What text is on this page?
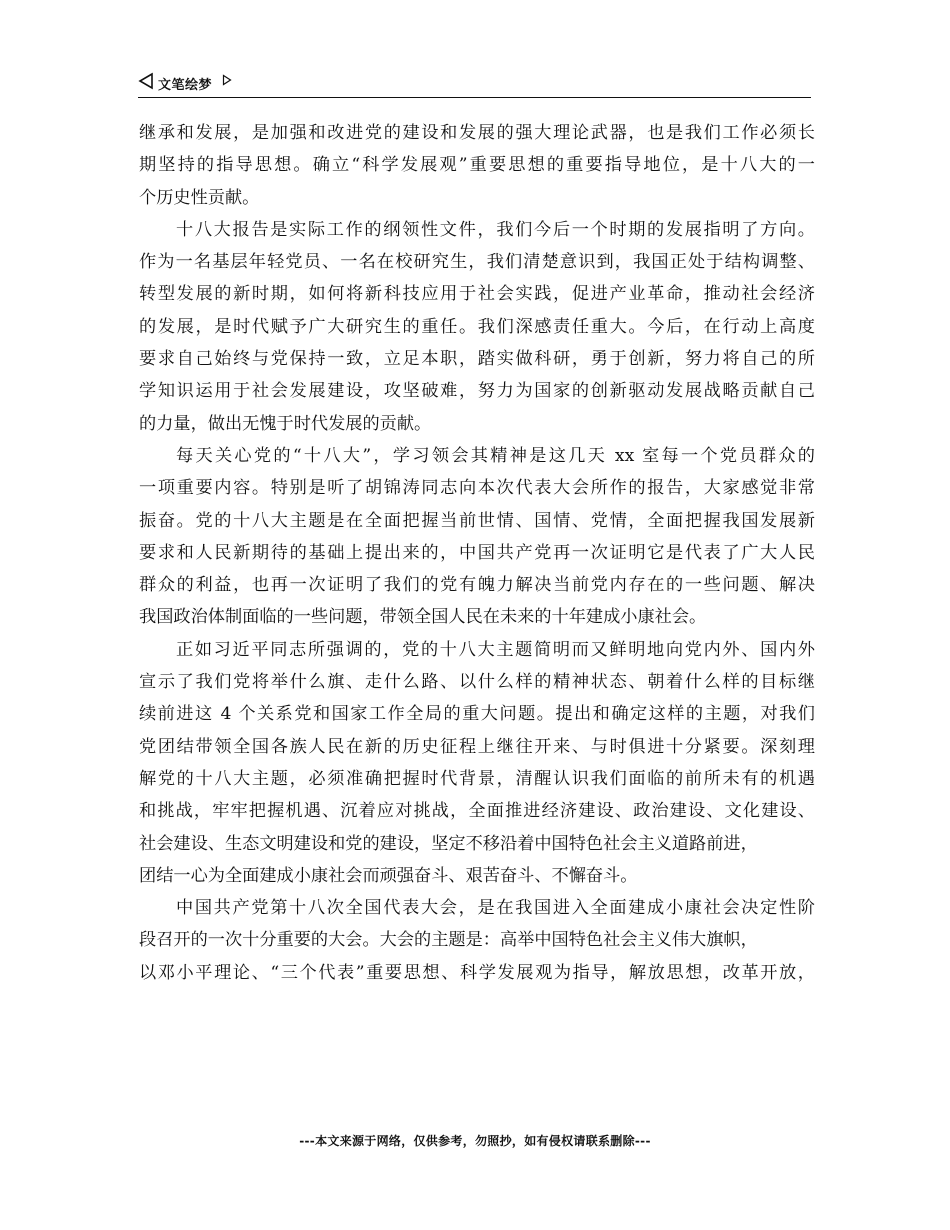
文笔绘梦
继承和发展，是加强和改进党的建设和发展的强大理论武器，也是我们工作必须长
期坚持的指导思想。确立“科学发展观”重要思想的重要指导地位，是十八大的一
个历史性贡献。
十八大报告是实际工作的纲领性文件，我们今后一个时期的发展指明了方向。
作为一名基层年轻党员、一名在校研究生，我们清楚意识到，我国正处于结构调整、
转型发展的新时期，如何将新科技应用于社会实践，促进产业革命，推动社会经济
的发展，是时代赋予广大研究生的重任。我们深感责任重大。今后，在行动上高度
要求自己始终与党保持一致，立足本职，踏实做科研，勇于创新，努力将自己的所
学知识运用于社会发展建设，攻坚破难，努力为国家的创新驱动发展战略贡献自己
的力量，做出无愧于时代发展的贡献。
每天关心党的“十八大”，学习领会其精神是这几天 xx 室每一个党员群众的
一项重要内容。特别是听了胡锦涛同志向本次代表大会所作的报告，大家感觉非常
振奋。党的十八大主题是在全面把握当前世情、国情、党情，全面把握我国发展新
要求和人民新期待的基础上提出来的，中国共产党再一次证明它是代表了广大人民
群众的利益，也再一次证明了我们的党有魄力解决当前党内存在的一些问题、解决
我国政治体制面临的一些问题，带领全国人民在未来的十年建成小康社会。
正如习近平同志所强调的，党的十八大主题简明而又鲜明地向党内外、国内外
宣示了我们党将举什么旗、走什么路、以什么样的精神状态、朝着什么样的目标继
续前进这 4 个关系党和国家工作全局的重大问题。提出和确定这样的主题，对我们
党团结带领全国各族人民在新的历史征程上继往开来、与时俱进十分紧要。深刻理
解党的十八大主题，必须准确把握时代背景，清醒认识我们面临的前所未有的机遇
和挑战，牢牢把握机遇、沉着应对挑战，全面推进经济建设、政治建设、文化建设、
社会建设、生态文明建设和党的建设，坚定不移沿着中国特色社会主义道路前进，
团结一心为全面建成小康社会而顽强奋斗、艰苦奋斗、不懈奋斗。
中国共产党第十八次全国代表大会，是在我国进入全面建成小康社会决定性阶
段召开的一次十分重要的大会。大会的主题是：高举中国特色社会主义伟大旗帜，
以邓小平理论、“三个代表”重要思想、科学发展观为指导，解放思想，改革开放，
---本文来源于网络，仅供参考，勿照抄，如有侵权请联系删除---
